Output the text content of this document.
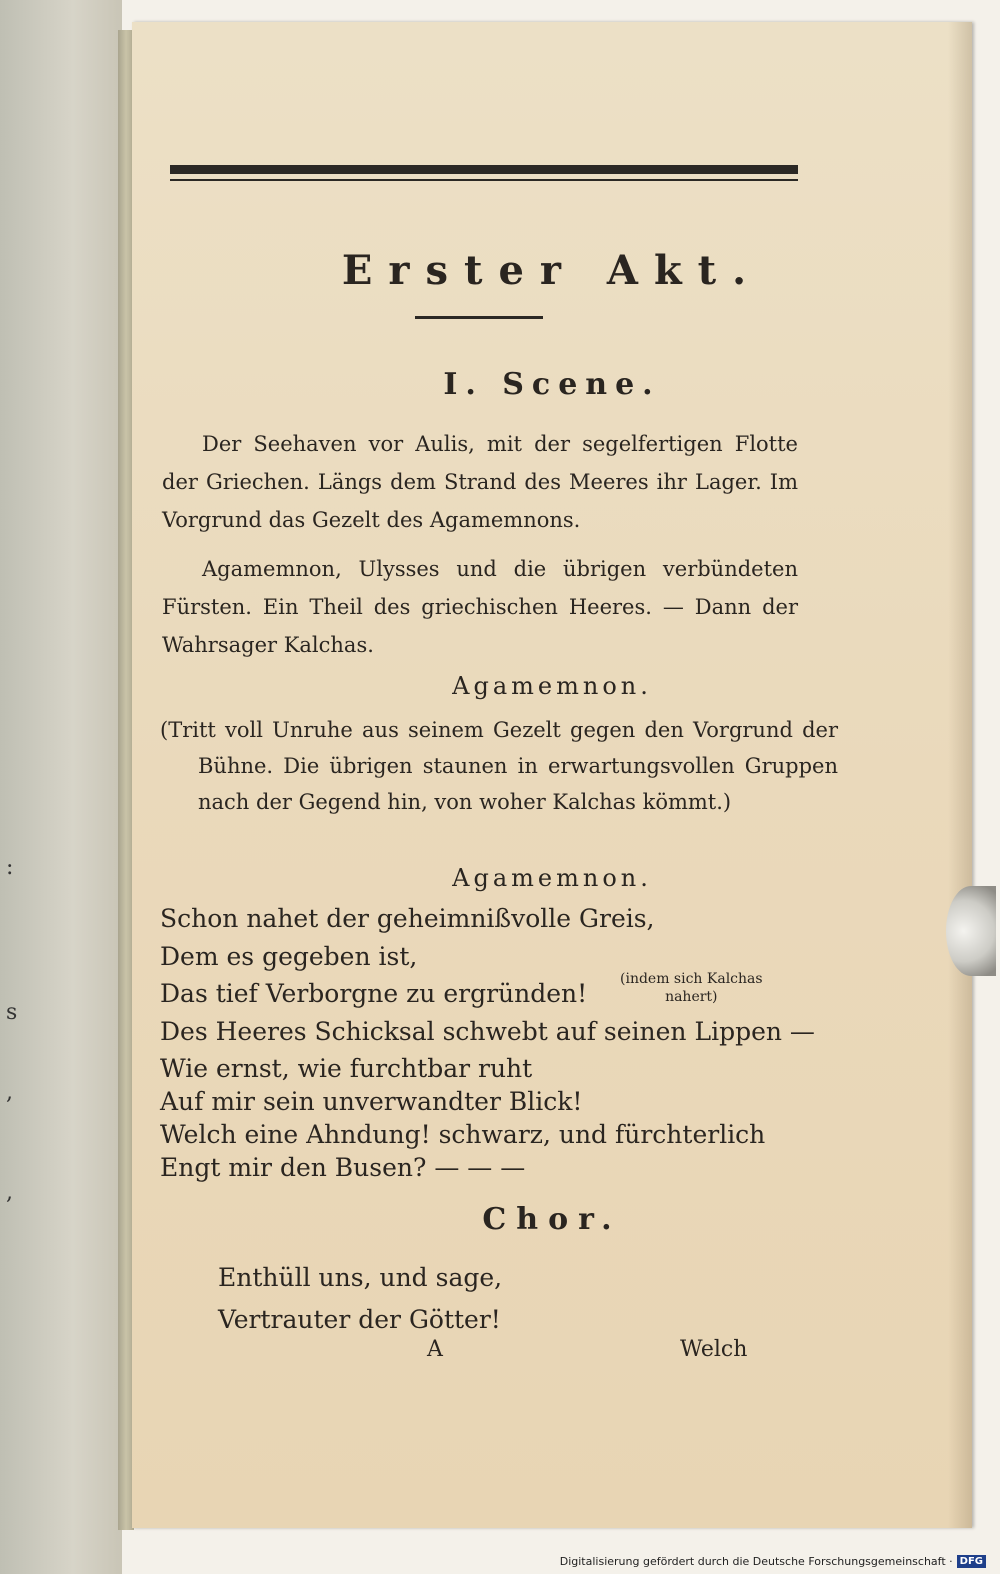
:
s
,
,
Erster Akt.
I. Scene.
Der Seehaven vor Aulis, mit der segelfertigen Flotte der Griechen. Längs dem Strand des Meeres ihr Lager. Im Vorgrund das Gezelt des Agamemnons.
Agamemnon, Ulysses und die übrigen verbündeten Fürsten. Ein Theil des griechischen Heeres. — Dann der Wahrsager Kalchas.
Agamemnon.
(Tritt voll Unruhe aus seinem Gezelt gegen den Vorgrund der Bühne. Die übrigen staunen in erwartungsvollen Gruppen nach der Gegend hin, von woher Kalchas kömmt.)
Agamemnon.
Schon nahet der geheimnißvolle Greis,
Dem es gegeben ist,
Das tief Verborgne zu ergründen! (indem sich Kalchas
nahert)
Des Heeres Schicksal schwebt auf seinen Lippen —
Wie ernst, wie furchtbar ruht
Auf mir sein unverwandter Blick!
Welch eine Ahndung! schwarz, und fürchterlich
Engt mir den Busen? — — —
Chor.
Enthüll uns, und sage,
Vertrauter der Götter!
A	Welch
Digitalisierung gefördert durch die Deutsche Forschungsgemeinschaft · DFG
